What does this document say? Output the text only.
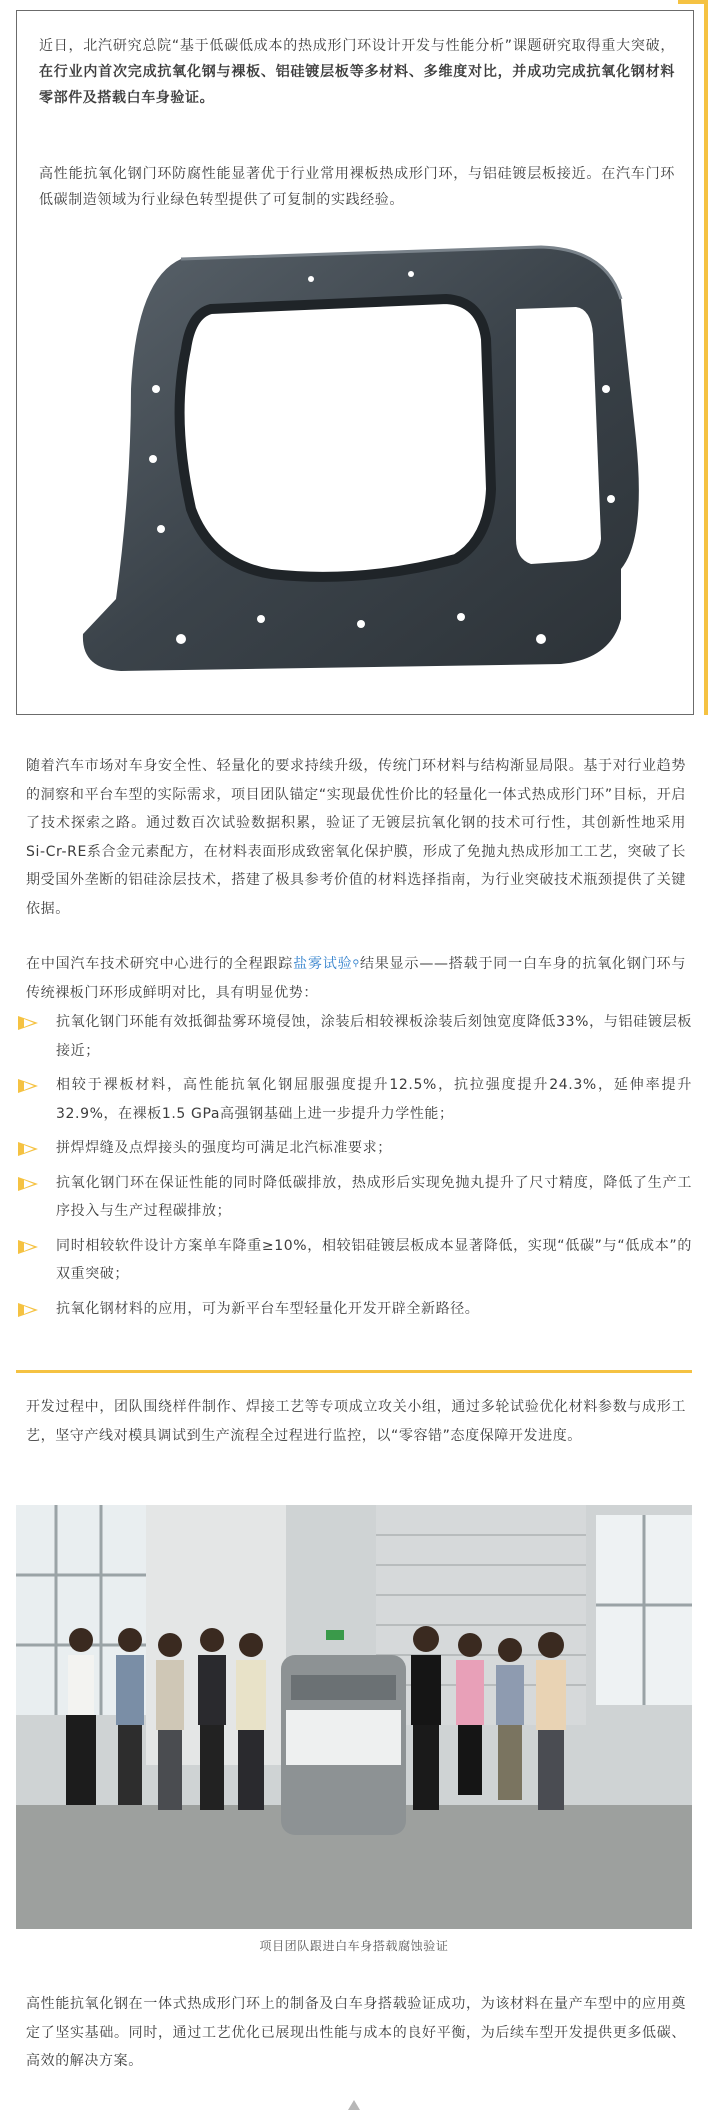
近日，北汽研究总院“基于低碳低成本的热成形门环设计开发与性能分析”课题研究取得重大突破，在行业内首次完成抗氧化钢与裸板、铝硅镀层板等多材料、多维度对比，并成功完成抗氧化钢材料零部件及搭载白车身验证。

高性能抗氧化钢门环防腐性能显著优于行业常用裸板热成形门环，与铝硅镀层板接近。在汽车门环低碳制造领域为行业绿色转型提供了可复制的实践经验。

随着汽车市场对车身安全性、轻量化的要求持续升级，传统门环材料与结构渐显局限。基于对行业趋势的洞察和平台车型的实际需求，项目团队锚定“实现最优性价比的轻量化一体式热成形门环”目标，开启了技术探索之路。通过数百次试验数据积累，验证了无镀层抗氧化钢的技术可行性，其创新性地采用Si-Cr-RE系合金元素配方，在材料表面形成致密氧化保护膜，形成了免抛丸热成形加工工艺，突破了长期受国外垄断的铝硅涂层技术，搭建了极具参考价值的材料选择指南，为行业突破技术瓶颈提供了关键依据。

在中国汽车技术研究中心进行的全程跟踪盐雾试验⚲结果显示——搭载于同一白车身的抗氧化钢门环与传统裸板门环形成鲜明对比，具有明显优势：

抗氧化钢门环能有效抵御盐雾环境侵蚀，涂装后相较裸板涂装后刻蚀宽度降低33%，与铝硅镀层板接近；
相较于裸板材料，高性能抗氧化钢屈服强度提升12.5%，抗拉强度提升24.3%，延伸率提升32.9%，在裸板1.5 GPa高强钢基础上进一步提升力学性能；
拼焊焊缝及点焊接头的强度均可满足北汽标准要求；
抗氧化钢门环在保证性能的同时降低碳排放，热成形后实现免抛丸提升了尺寸精度，降低了生产工序投入与生产过程碳排放；
同时相较软件设计方案单车降重≥10%，相较铝硅镀层板成本显著降低，实现“低碳”与“低成本”的双重突破；
抗氧化钢材料的应用，可为新平台车型轻量化开发开辟全新路径。

开发过程中，团队围绕样件制作、焊接工艺等专项成立攻关小组，通过多轮试验优化材料参数与成形工艺，坚守产线对模具调试到生产流程全过程进行监控，以“零容错”态度保障开发进度。

项目团队跟进白车身搭载腐蚀验证

高性能抗氧化钢在一体式热成形门环上的制备及白车身搭载验证成功，为该材料在量产车型中的应用奠定了坚实基础。同时，通过工艺优化已展现出性能与成本的良好平衡，为后续车型开发提供更多低碳、高效的解决方案。
